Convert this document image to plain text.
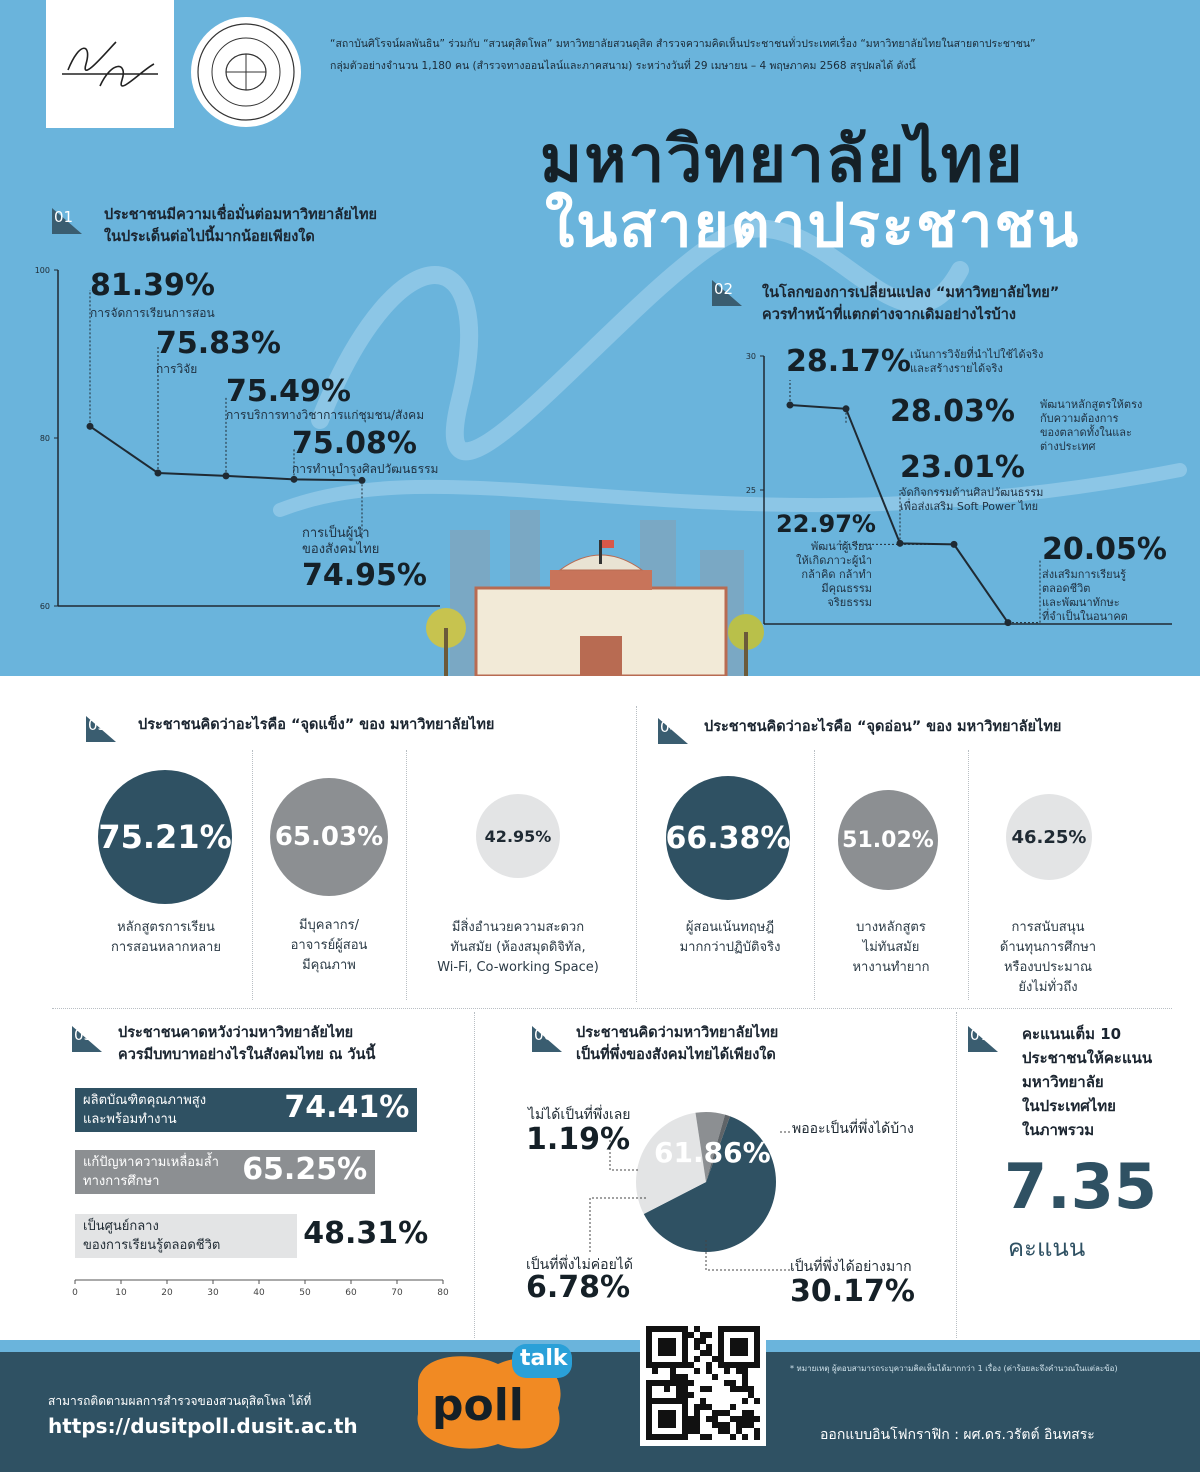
“สถาบันศิโรจน์ผลพันธิน” ร่วมกับ “สวนดุสิตโพล” มหาวิทยาลัยสวนดุสิต สำรวจความคิดเห็นประชาชนทั่วประเทศเรื่อง “มหาวิทยาลัยไทยในสายตาประชาชน”
กลุ่มตัวอย่างจำนวน 1,180 คน (สำรวจทางออนไลน์และภาคสนาม) ระหว่างวันที่ 29 เมษายน – 4 พฤษภาคม 2568 สรุปผลได้ ดังนี้
มหาวิทยาลัยไทย
ในสายตาประชาชน
01 ประชาชนมีความเชื่อมั่นต่อมหาวิทยาลัยไทย
ในประเด็นต่อไปนี้มากน้อยเพียงใด
100
80
60
81.39%
การจัดการเรียนการสอน
75.83%
การวิจัย
75.49%
การบริการทางวิชาการแก่ชุมชน/สังคม
75.08%
การทำนุบำรุงศิลปวัฒนธรรม
การเป็นผู้นำ
ของสังคมไทย
74.95%
02 ในโลกของการเปลี่ยนแปลง “มหาวิทยาลัยไทย”
ควรทำหน้าที่แตกต่างจากเดิมอย่างไรบ้าง
30
25
28.17% เน้นการวิจัยที่นำไปใช้ได้จริง
และสร้างรายได้จริง
28.03% พัฒนาหลักสูตรให้ตรง
กับความต้องการ
ของตลาดทั้งในและ
ต่างประเทศ
23.01%
จัดกิจกรรมด้านศิลปวัฒนธรรม
เพื่อส่งเสริม Soft Power ไทย
22.97%
พัฒนาผู้เรียน
ให้เกิดภาวะผู้นำ
กล้าคิด กล้าทำ
มีคุณธรรม
จริยธรรม
20.05%
ส่งเสริมการเรียนรู้
ตลอดชีวิต
และพัฒนาทักษะ
ที่จำเป็นในอนาคต
03 ประชาชนคิดว่าอะไรคือ “จุดแข็ง” ของ มหาวิทยาลัยไทย	04 ประชาชนคิดว่าอะไรคือ “จุดอ่อน” ของ มหาวิทยาลัยไทย
75.21% 65.03%	42.95%
หลักสูตรการเรียน
การสอนหลากหลาย
มีบุคลากร/
อาจารย์ผู้สอน
มีคุณภาพ
มีสิ่งอำนวยความสะดวก
ทันสมัย (ห้องสมุดดิจิทัล,
Wi-Fi, Co-working Space)
66.38% 51.02%	46.25%
ผู้สอนเน้นทฤษฎี
มากกว่าปฏิบัติจริง
บางหลักสูตร
ไม่ทันสมัย
หางานทำยาก
การสนับสนุน
ด้านทุนการศึกษา
หรืองบประมาณ
ยังไม่ทั่วถึง
05 ประชาชนคาดหวังว่ามหาวิทยาลัยไทย
ควรมีบทบาทอย่างไรในสังคมไทย ณ วันนี้
0	10	20	30	40	50	60	70	80
ผลิตบัณฑิตคุณภาพสูง
และพร้อมทำงาน	74.41%
แก้ปัญหาความเหลื่อมล้ำ
ทางการศึกษา	65.25%
เป็นศูนย์กลาง
ของการเรียนรู้ตลอดชีวิต	48.31%
06 ประชาชนคิดว่ามหาวิทยาลัยไทย
เป็นที่พึ่งของสังคมไทยได้เพียงใด
ไม่ได้เป็นที่พึ่งเลย
1.19% 61.86%
พออะเป็นที่พึ่งได้บ้าง
เป็นที่พึ่งไม่ค่อยได้
6.78%
เป็นที่พึ่งได้อย่างมาก
30.17%
07 คะแนนเต็ม 10
ประชาชนให้คะแนน
มหาวิทยาลัย
ในประเทศไทย
ในภาพรวม
7.35
คะแนน
สามารถติดตามผลการสำรวจของสวนดุสิตโพล ได้ที่
https://dusitpoll.dusit.ac.th
* หมายเหตุ ผู้ตอบสามารถระบุความคิดเห็นได้มากกว่า 1 เรื่อง (ค่าร้อยละจึงคำนวณในแต่ละข้อ)
ออกแบบอินโฟกราฟิก : ผศ.ดร.วรัตต์ อินทสระ
talk
poll
